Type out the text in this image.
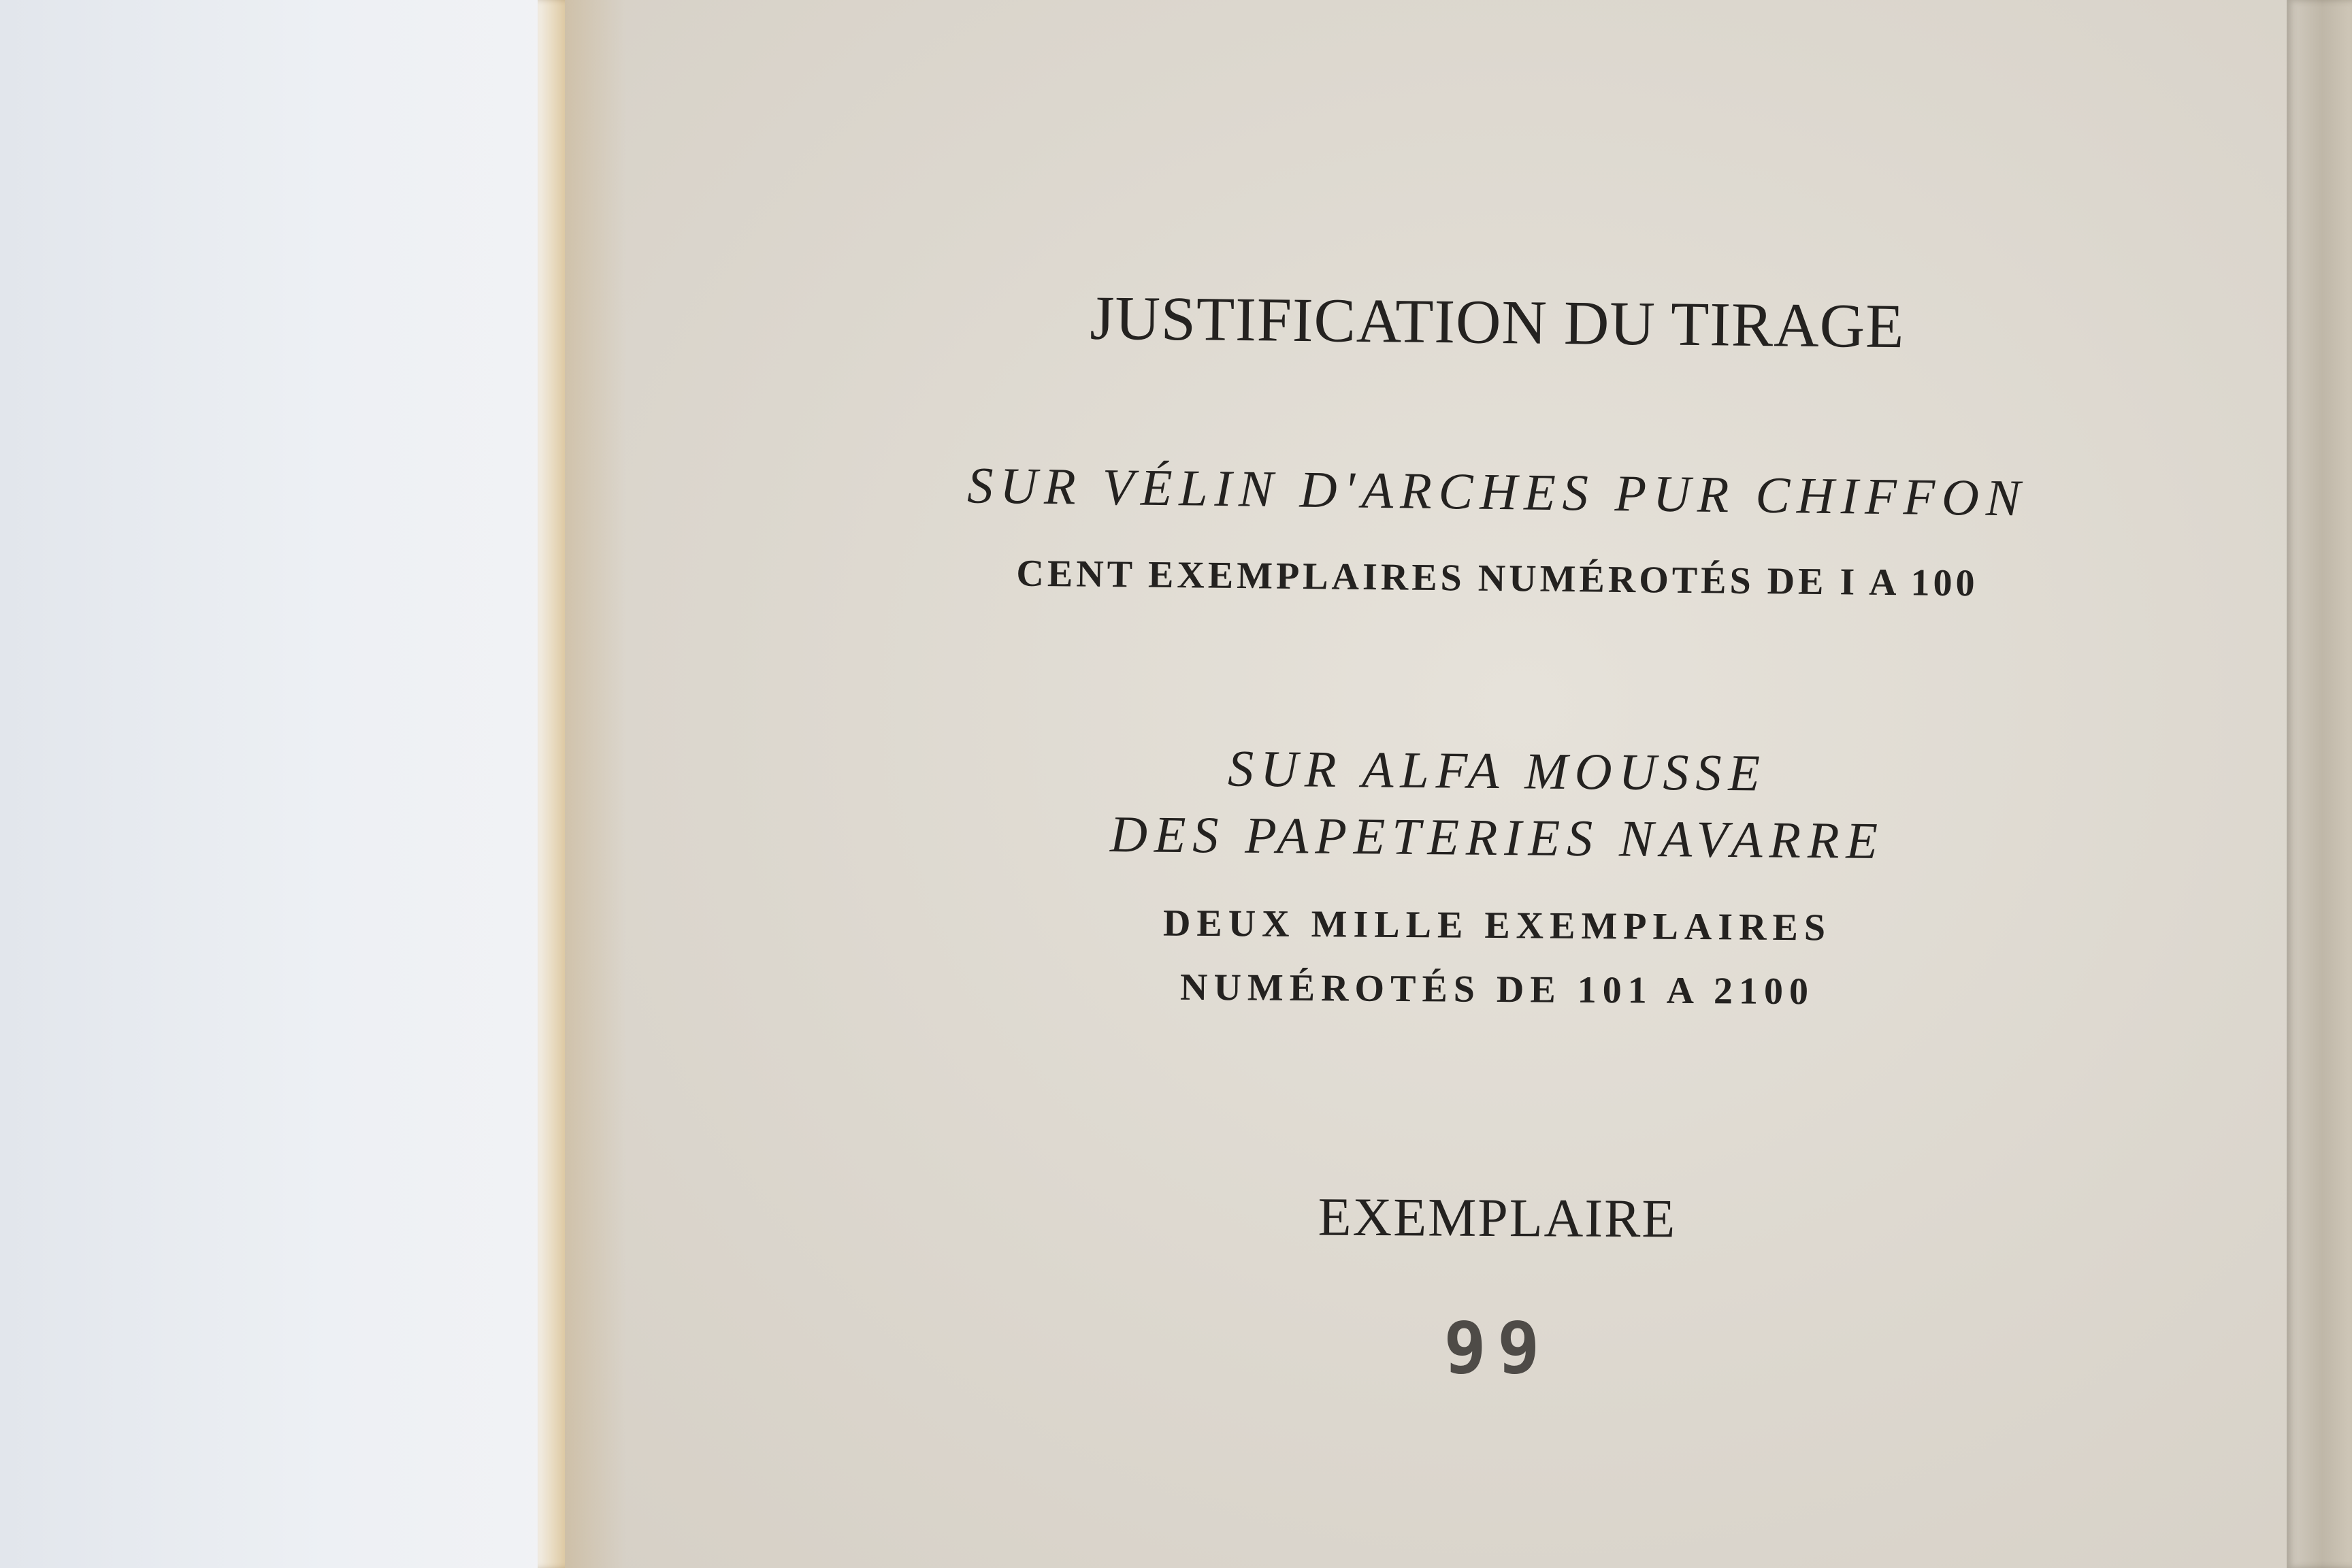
JUSTIFICATION DU TIRAGE
SUR VÉLIN D'ARCHES PUR CHIFFON
CENT EXEMPLAIRES NUMÉROTÉS DE I A 100
SUR ALFA MOUSSE
DES PAPETERIES NAVARRE
DEUX MILLE EXEMPLAIRES
NUMÉROTÉS DE 101 A 2100
EXEMPLAIRE
99
